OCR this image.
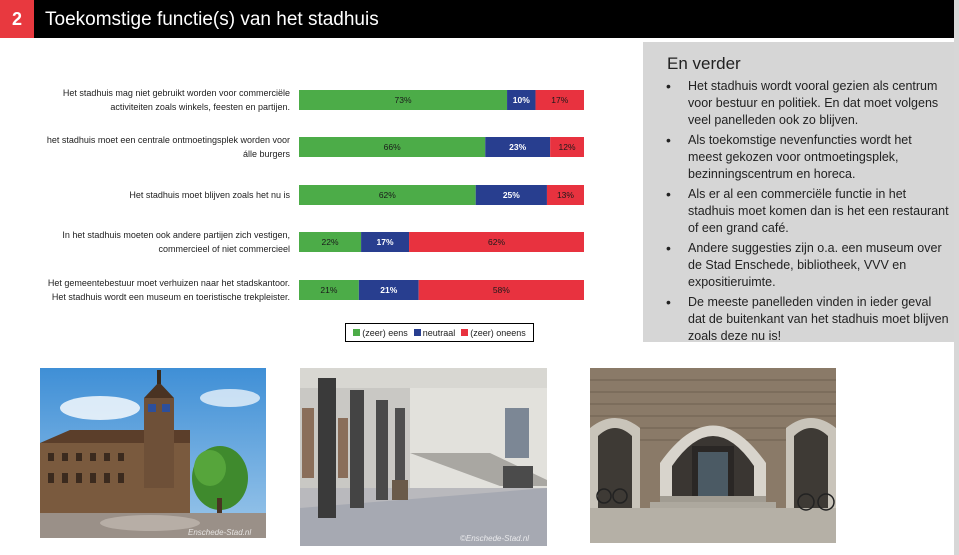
2	Toekomstige functie(s) van het stadhuis
Het stadhuis mag niet gebruikt worden voor commerciële
activiteiten zoals winkels, feesten en partijen.
73%	10%	17%
het stadhuis moet een centrale ontmoetingsplek worden voor
álle burgers
66%	23%	12%
Het stadhuis moet blijven zoals het nu is	62%	25%	13%
In het stadhuis moeten ook andere partijen zich vestigen,
commercieel of niet commercieel
22%	17%	62%
Het gemeentebestuur moet verhuizen naar het stadskantoor.
Het stadhuis wordt een museum en toeristische trekpleister.
21%	21%	58%
(zeer) eens neutraal (zeer) oneens
En verder
• Het stadhuis wordt vooral gezien als centrum voor bestuur en politiek. En dat moet volgens veel panelleden ook zo blijven.
• Als toekomstige nevenfuncties wordt het meest gekozen voor ontmoetingsplek, bezinningscentrum en horeca.
• Als er al een commerciële functie in het stadhuis moet komen dan is het een restaurant of een grand café.
• Andere suggesties zijn o.a. een museum over de Stad Enschede, bibliotheek, VVV en expositieruimte.
• De meeste panelleden vinden in ieder geval dat de buitenkant van het stadhuis moet blijven zoals deze nu is!
Enschede-Stad.nl
©Enschede-Stad.nl
